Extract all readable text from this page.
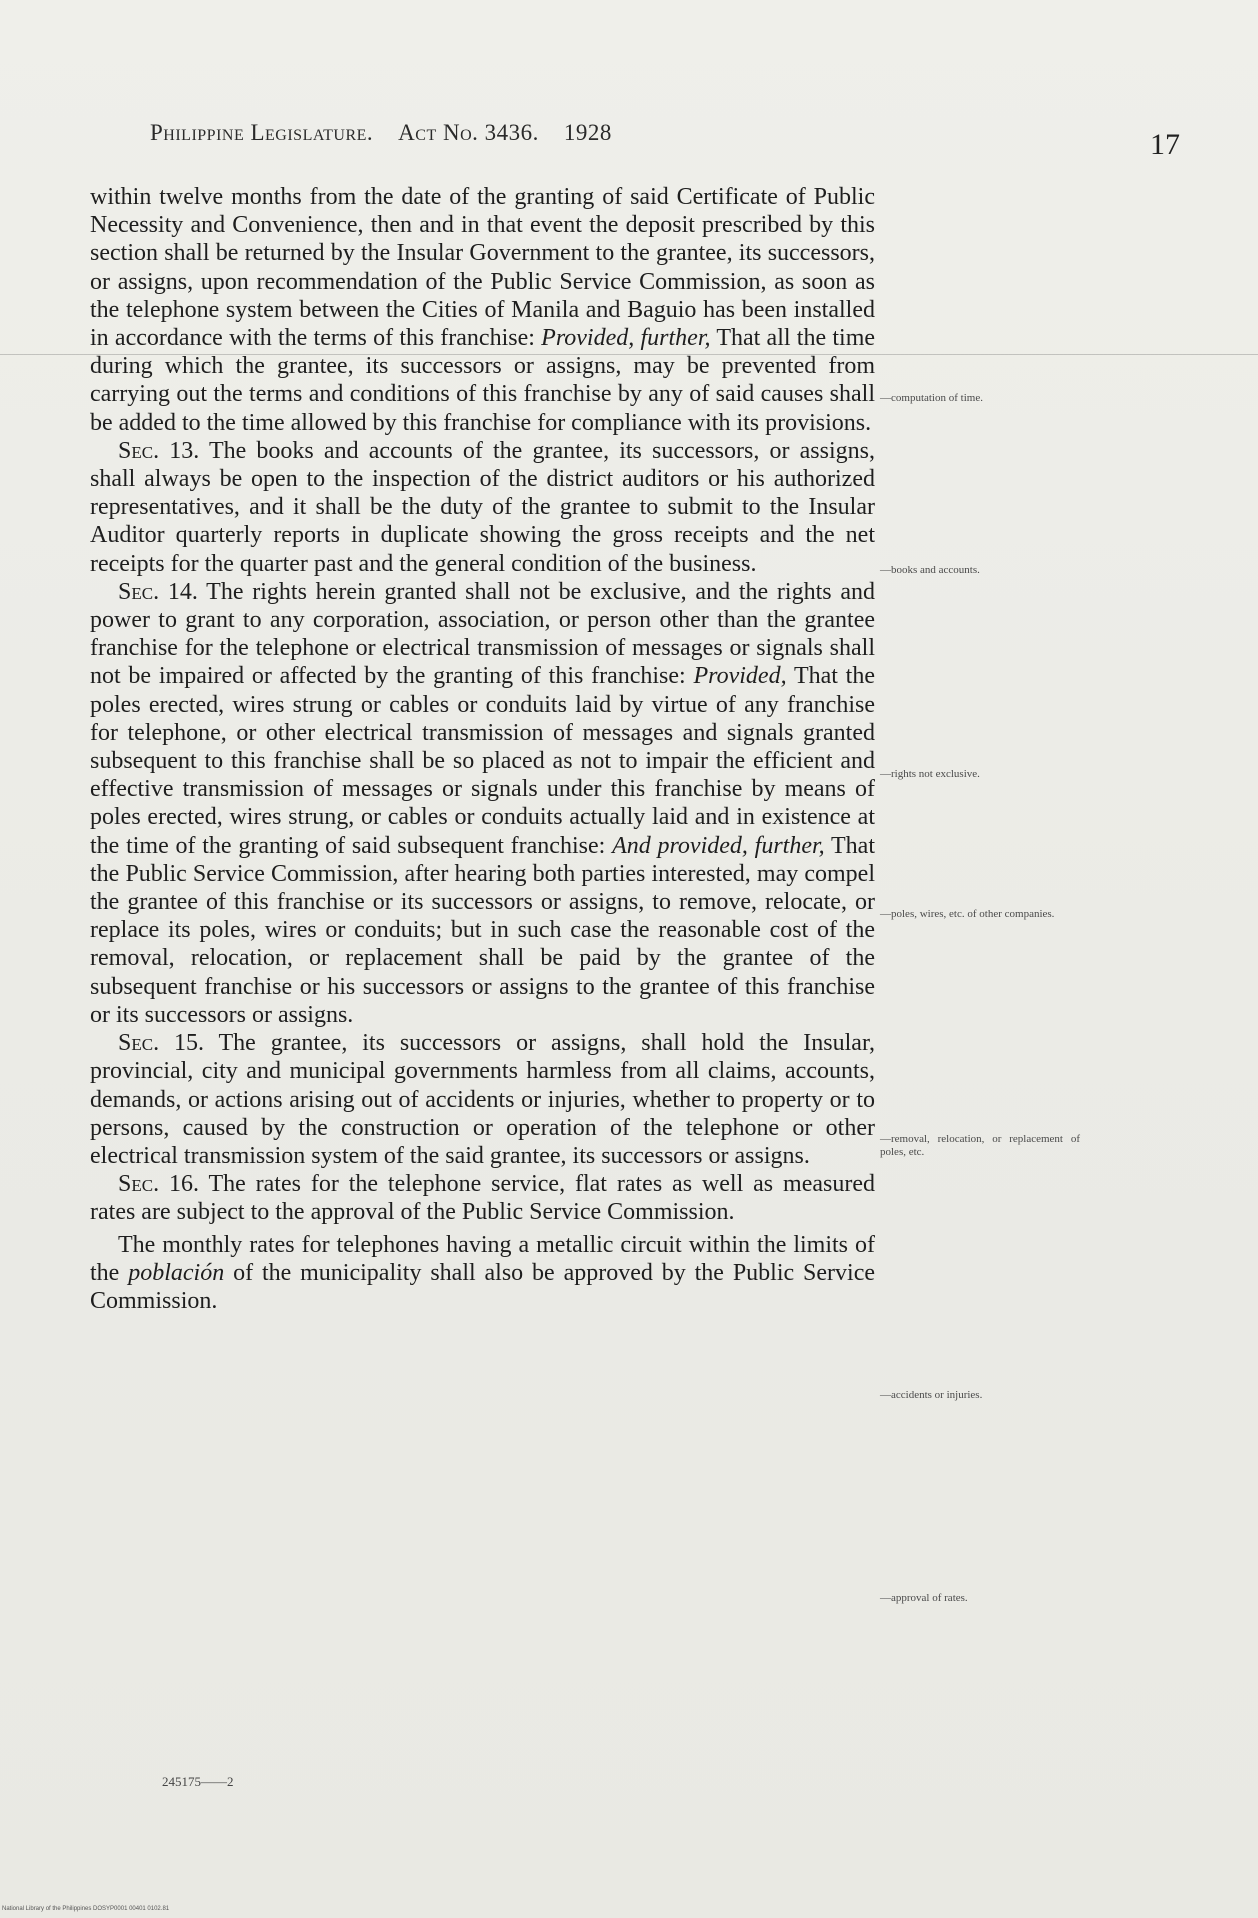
Philippine Legislature. Act No. 3436. 1928	17

within twelve months from the date of the granting of said Certificate of Public Necessity and Convenience, then and in that event the deposit prescribed by this section shall be returned by the Insular Government to the grantee, its successors, or assigns, upon recommendation of the Public Service Commission, as soon as the telephone system between the Cities of Manila and Baguio has been installed in accordance with the terms of this franchise: Provided, further, That all the time during which the grantee, its successors or assigns, may be prevented from carrying out the terms and conditions of this franchise by any of said causes shall be added to the time allowed by this franchise for compliance with its provisions.

Sec. 13. The books and accounts of the grantee, its successors, or assigns, shall always be open to the inspection of the district auditors or his authorized representatives, and it shall be the duty of the grantee to submit to the Insular Auditor quarterly reports in duplicate showing the gross receipts and the net receipts for the quarter past and the general condition of the business.

Sec. 14. The rights herein granted shall not be exclusive, and the rights and power to grant to any corporation, association, or person other than the grantee franchise for the telephone or electrical transmission of messages or signals shall not be impaired or affected by the granting of this franchise: Provided, That the poles erected, wires strung or cables or conduits laid by virtue of any franchise for telephone, or other electrical transmission of messages and signals granted subsequent to this franchise shall be so placed as not to impair the efficient and effective transmission of messages or signals under this franchise by means of poles erected, wires strung, or cables or conduits actually laid and in existence at the time of the granting of said subsequent franchise: And provided, further, That the Public Service Commission, after hearing both parties interested, may compel the grantee of this franchise or its successors or assigns, to remove, relocate, or replace its poles, wires or conduits; but in such case the reasonable cost of the removal, relocation, or replacement shall be paid by the grantee of the subsequent franchise or his successors or assigns to the grantee of this franchise or its successors or assigns.

Sec. 15. The grantee, its successors or assigns, shall hold the Insular, provincial, city and municipal governments harmless from all claims, accounts, demands, or actions arising out of accidents or injuries, whether to property or to persons, caused by the construction or operation of the telephone or other electrical transmission system of the said grantee, its successors or assigns.

Sec. 16. The rates for the telephone service, flat rates as well as measured rates are subject to the approval of the Public Service Commission.

The monthly rates for telephones having a metallic circuit within the limits of the población of the municipality shall also be approved by the Public Service Commission.

—computation of time.
—books and accounts.
—rights not exclusive.
—poles, wires, etc. of other companies.
—removal, relocation, or replacement of poles, etc.
—accidents or injuries.
—approval of rates.
245175——2
National Library of the Philippines DOSYP0001 00401 0102.81
